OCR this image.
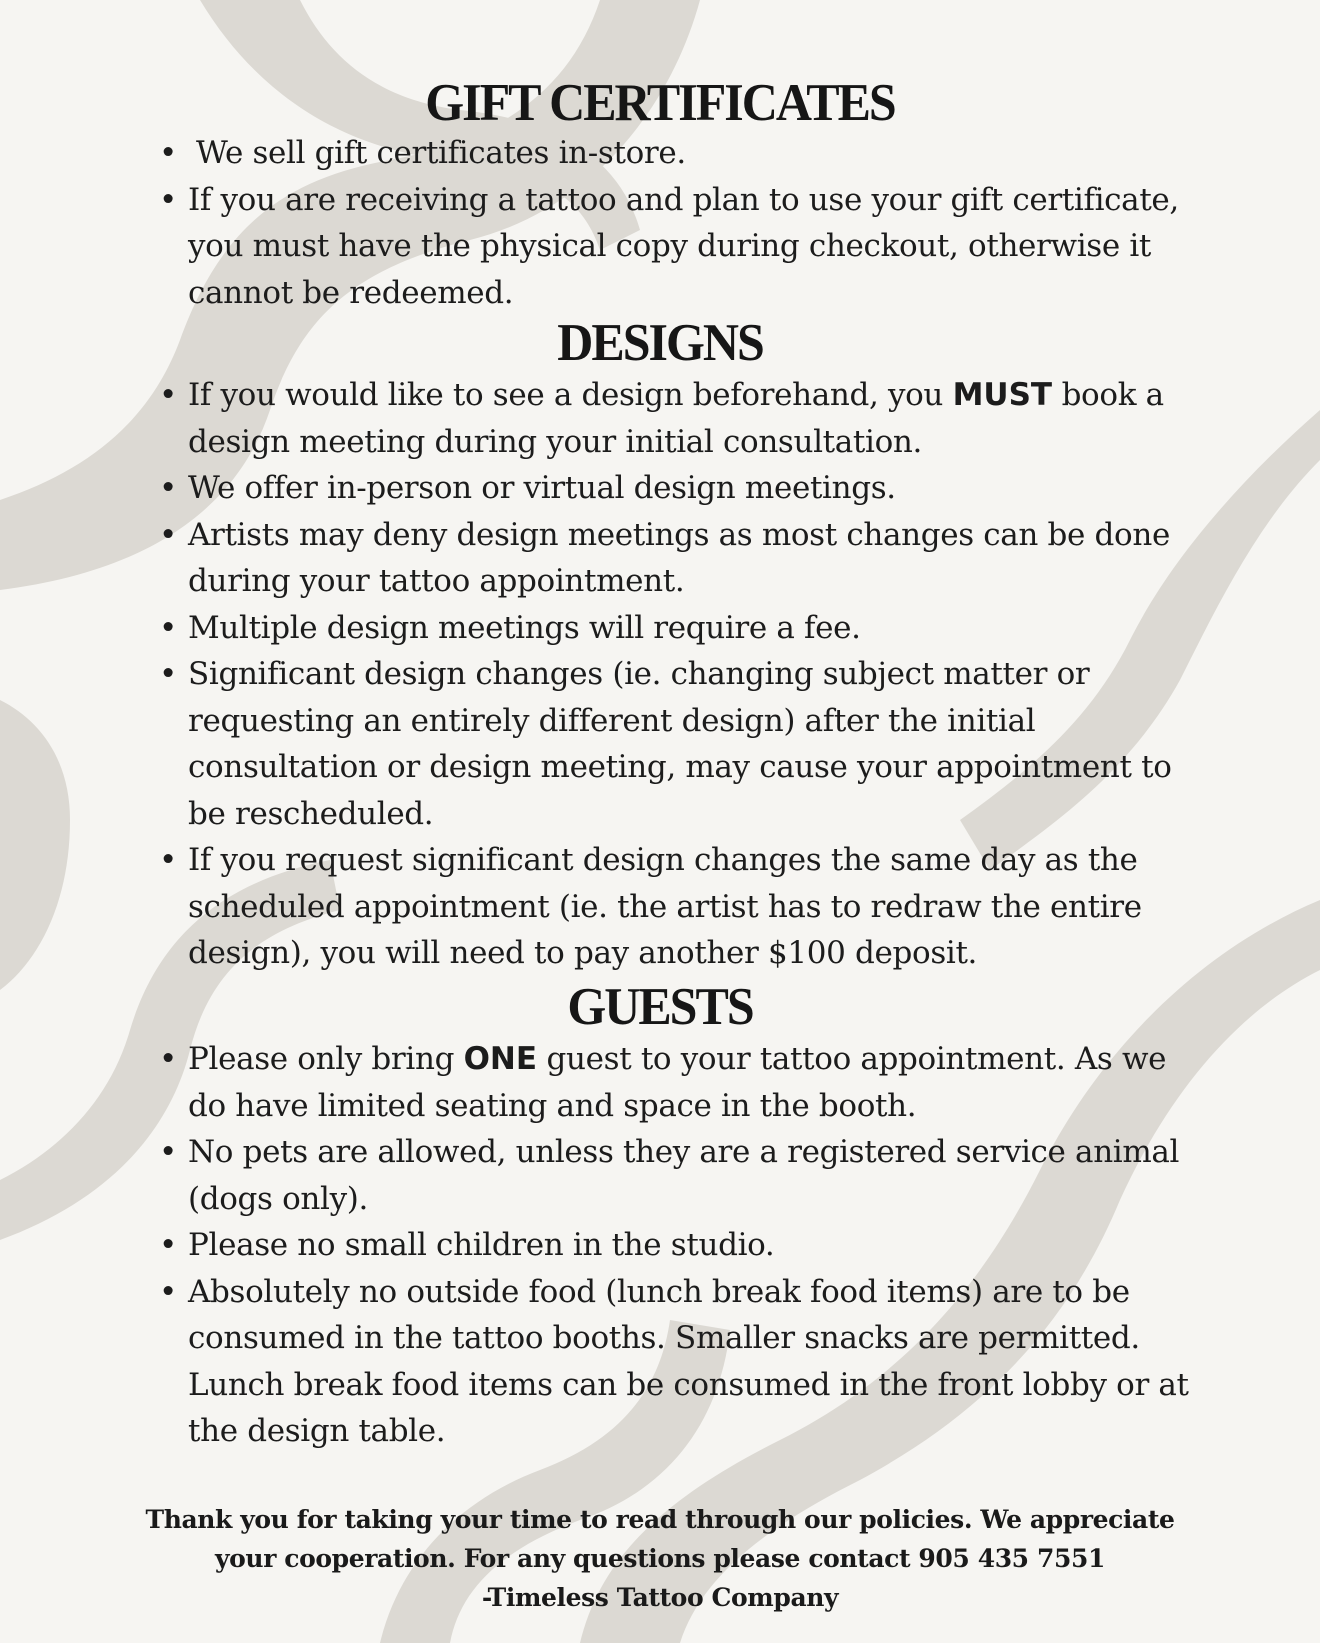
GIFT CERTIFICATES
• We sell gift certificates in-store.
• If you are receiving a tattoo and plan to use your gift certificate, you must have the physical copy during checkout, otherwise it cannot be redeemed.
DESIGNS
• If you would like to see a design beforehand, you MUST book a design meeting during your initial consultation.
• We offer in-person or virtual design meetings.
• Artists may deny design meetings as most changes can be done during your tattoo appointment.
• Multiple design meetings will require a fee.
• Significant design changes (ie. changing subject matter or requesting an entirely different design) after the initial consultation or design meeting, may cause your appointment to be rescheduled.
• If you request significant design changes the same day as the scheduled appointment (ie. the artist has to redraw the entire design), you will need to pay another $100 deposit.
GUESTS
• Please only bring ONE guest to your tattoo appointment. As we do have limited seating and space in the booth.
• No pets are allowed, unless they are a registered service animal (dogs only).
• Please no small children in the studio.
• Absolutely no outside food (lunch break food items) are to be consumed in the tattoo booths. Smaller snacks are permitted. Lunch break food items can be consumed in the front lobby or at the design table.

Thank you for taking your time to read through our policies. We appreciate

your cooperation. For any questions please contact 905 435 7551

-Timeless Tattoo Company
